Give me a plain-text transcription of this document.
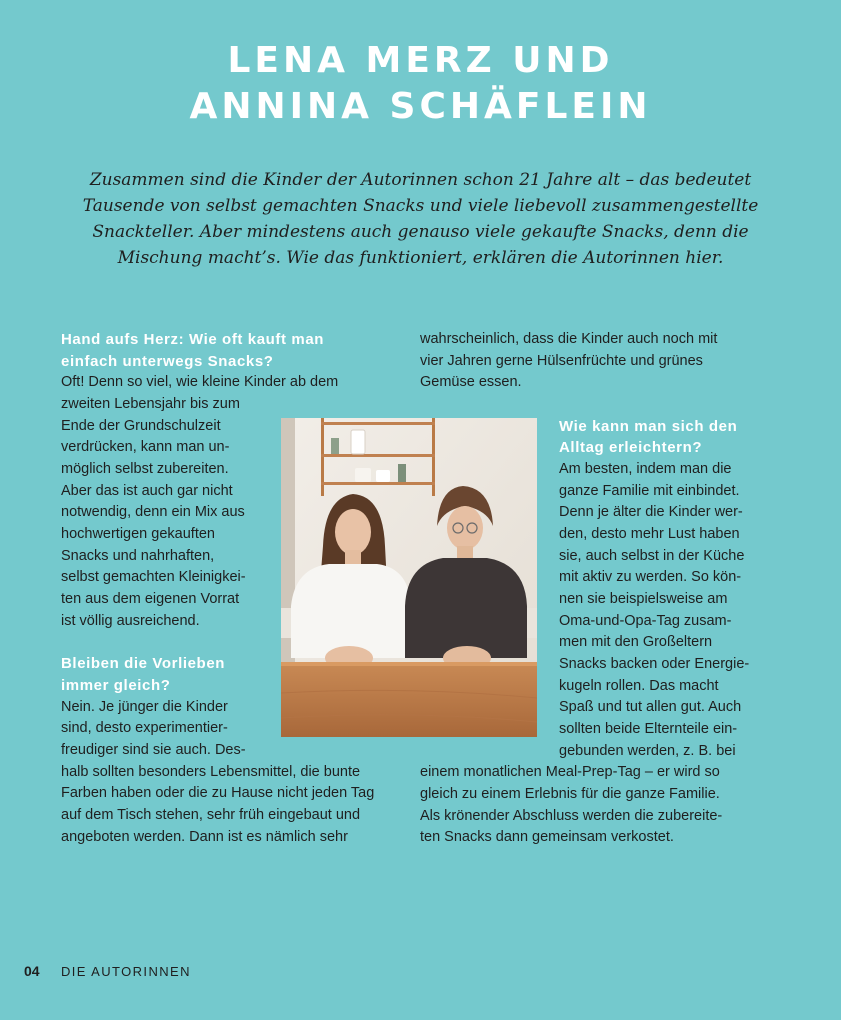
LENA MERZ UND
ANNINA SCHÄFLEIN

Zusammen sind die Kinder der Autorinnen schon 21 Jahre alt – das bedeutet
Tausende von selbst gemachten Snacks und viele liebevoll zusammengestellte
Snackteller. Aber mindestens auch genauso viele gekaufte Snacks, denn die
Mischung macht’s. Wie das funktioniert, erklären die Autorinnen hier.

Hand aufs Herz: Wie oft kauft man
einfach unterwegs Snacks?
Oft! Denn so viel, wie kleine Kinder ab dem
zweiten Lebensjahr bis zum
Ende der Grundschulzeit
verdrücken, kann man un-
möglich selbst zubereiten.
Aber das ist auch gar nicht
notwendig, denn ein Mix aus
hochwertigen gekauften
Snacks und nahrhaften,
selbst gemachten Kleinigkei-
ten aus dem eigenen Vorrat
ist völlig ausreichend.
Bleiben die Vorlieben
immer gleich?
Nein. Je jünger die Kinder
sind, desto experimentier-
freudiger sind sie auch. Des-
halb sollten besonders Lebensmittel, die bunte
Farben haben oder die zu Hause nicht jeden Tag
auf dem Tisch stehen, sehr früh eingebaut und
angeboten werden. Dann ist es nämlich sehr
wahrscheinlich, dass die Kinder auch noch mit
vier Jahren gerne Hülsenfrüchte und grünes
Gemüse essen.
Wie kann man sich den
Alltag erleichtern?
Am besten, indem man die
ganze Familie mit einbindet.
Denn je älter die Kinder wer-
den, desto mehr Lust haben
sie, auch selbst in der Küche
mit aktiv zu werden. So kön-
nen sie beispielsweise am
Oma-und-Opa-Tag zusam-
men mit den Großeltern
Snacks backen oder Energie-
kugeln rollen. Das macht
Spaß und tut allen gut. Auch
sollten beide Elternteile ein-
gebunden werden, z. B. bei
einem monatlichen Meal-Prep-Tag – er wird so
gleich zu einem Erlebnis für die ganze Familie.
Als krönender Abschluss werden die zubereite-
ten Snacks dann gemeinsam verkostet.
04 DIE AUTORINNEN
